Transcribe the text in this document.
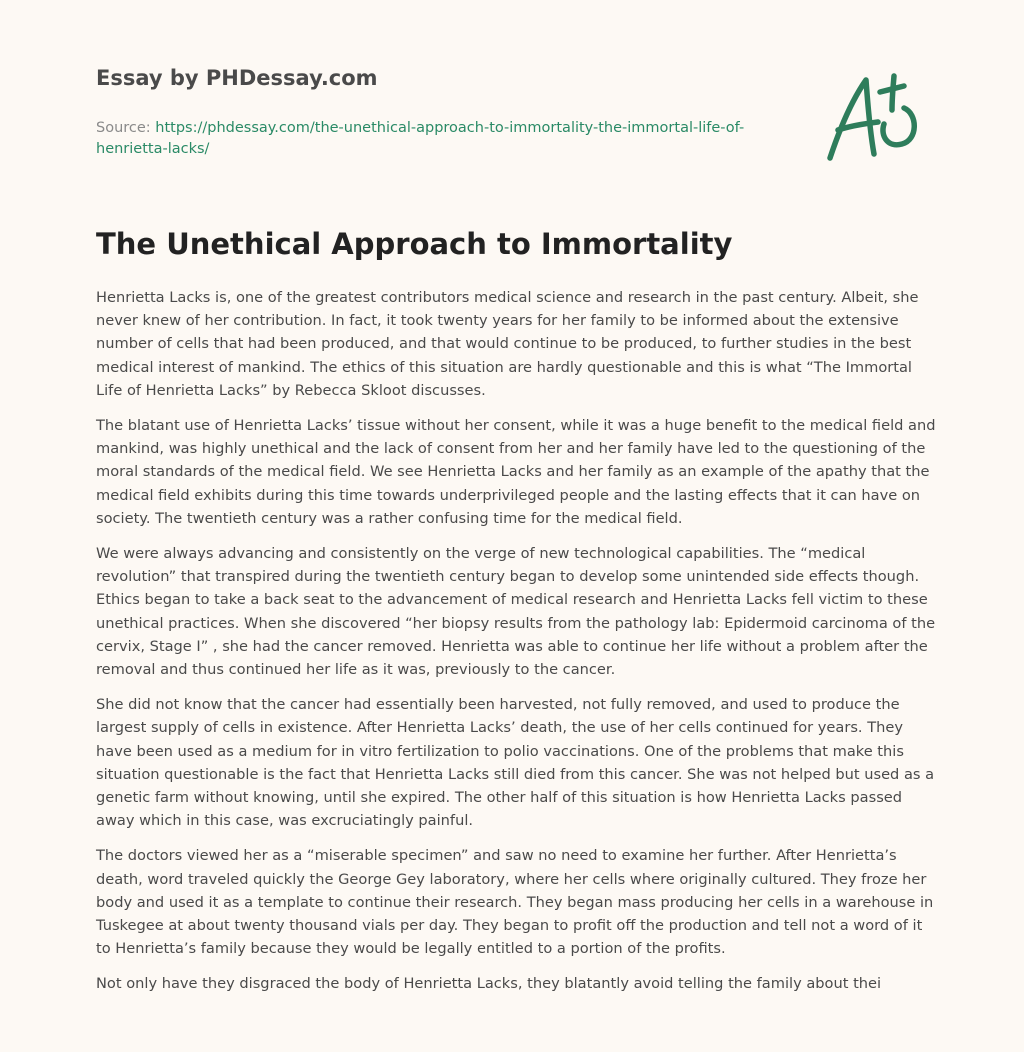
Essay by PHDessay.com
Source: https://phdessay.com/the-unethical-approach-to-immortality-the-immortal-life-of-henrietta-lacks/
The Unethical Approach to Immortality

Henrietta Lacks is, one of the greatest contributors medical science and research in the past century. Albeit, she never knew of her contribution. In fact, it took twenty years for her family to be informed about the extensive number of cells that had been produced, and that would continue to be produced, to further studies in the best medical interest of mankind. The ethics of this situation are hardly questionable and this is what “The Immortal Life of Henrietta Lacks” by Rebecca Skloot discusses.

The blatant use of Henrietta Lacks’ tissue without her consent, while it was a huge benefit to the medical field and mankind, was highly unethical and the lack of consent from her and her family have led to the questioning of the moral standards of the medical field. We see Henrietta Lacks and her family as an example of the apathy that the medical field exhibits during this time towards underprivileged people and the lasting effects that it can have on society. The twentieth century was a rather confusing time for the medical field.

We were always advancing and consistently on the verge of new technological capabilities. The “medical revolution” that transpired during the twentieth century began to develop some unintended side effects though. Ethics began to take a back seat to the advancement of medical research and Henrietta Lacks fell victim to these unethical practices. When she discovered “her biopsy results from the pathology lab: Epidermoid carcinoma of the cervix, Stage I” , she had the cancer removed. Henrietta was able to continue her life without a problem after the removal and thus continued her life as it was, previously to the cancer.

She did not know that the cancer had essentially been harvested, not fully removed, and used to produce the largest supply of cells in existence. After Henrietta Lacks’ death, the use of her cells continued for years. They have been used as a medium for in vitro fertilization to polio vaccinations. One of the problems that make this situation questionable is the fact that Henrietta Lacks still died from this cancer. She was not helped but used as a genetic farm without knowing, until she expired. The other half of this situation is how Henrietta Lacks passed away which in this case, was excruciatingly painful.

The doctors viewed her as a “miserable specimen” and saw no need to examine her further. After Henrietta’s death, word traveled quickly the George Gey laboratory, where her cells where originally cultured. They froze her body and used it as a template to continue their research. They began mass producing her cells in a warehouse in Tuskegee at about twenty thousand vials per day. They began to profit off the production and tell not a word of it to Henrietta’s family because they would be legally entitled to a portion of the profits.

Not only have they disgraced the body of Henrietta Lacks, they blatantly avoid telling the family about thei
